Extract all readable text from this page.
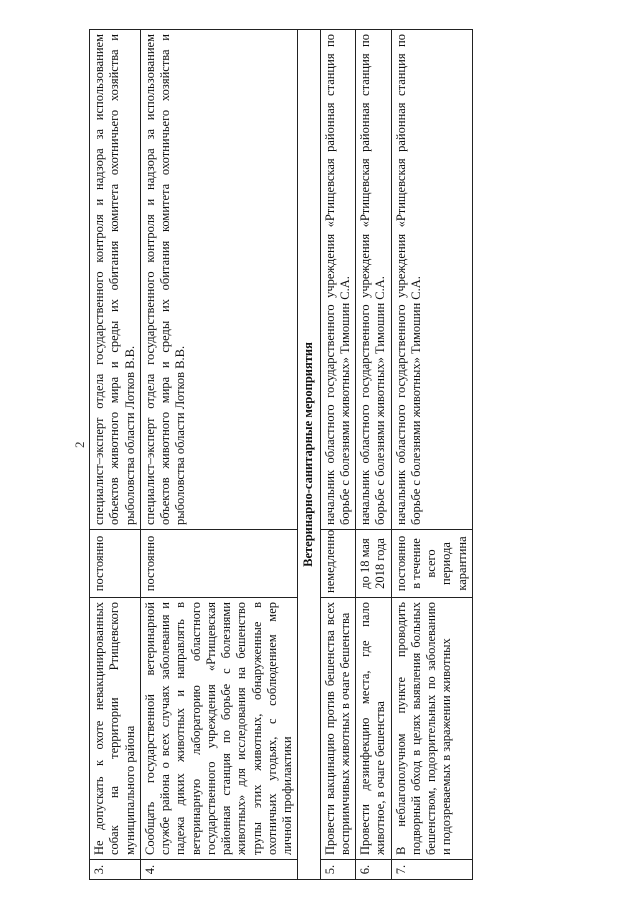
2
3.	Не допускать к охоте невакцинированных собак на территории Ртищевского муниципального района	постоянно	специалист–эксперт отдела государственного контроля и надзора за использованием объектов животного мира и среды их обитания комитета охотничьего хозяйства и рыболовства области Лотков В.В.
4.	Сообщать государственной ветеринарной службе района о всех случаях заболевания и падежа диких животных и направлять в ветеринарную лабораторию областного государственного учреждения «Ртищевская районная станция по борьбе с болезнями животных» для исследования на бешенство трупы этих животных, обнаруженные в охотничьих угодьях, с соблюдением мер личной профилактики	постоянно	специалист–эксперт отдела государственного контроля и надзора за использованием объектов животного мира и среды их обитания комитета охотничьего хозяйства и рыболовства области Лотков В.В.
Ветеринарно-санитарные мероприятия			
5.	Провести вакцинацию против бешенства всех восприимчивых животных в очаге бешенства	немедленно	начальник областного государственного учреждения «Ртищевская районная станция по борьбе с болезнями животных» Тимошин С.А.
6.	Провести дезинфекцию места, где пало животное, в очаге бешенства	до 18 мая 2018 года	начальник областного государственного учреждения «Ртищевская районная станция по борьбе с болезнями животных» Тимошин С.А.
7.	В неблагополучном пункте проводить подворный обход в целях выявления больных бешенством, подозрительных по заболеванию и подозреваемых в заражении животных	постоянно в течение всего периода карантина	начальник областного государственного учреждения «Ртищевская районная станция по борьбе с болезнями животных» Тимошин С.А.
